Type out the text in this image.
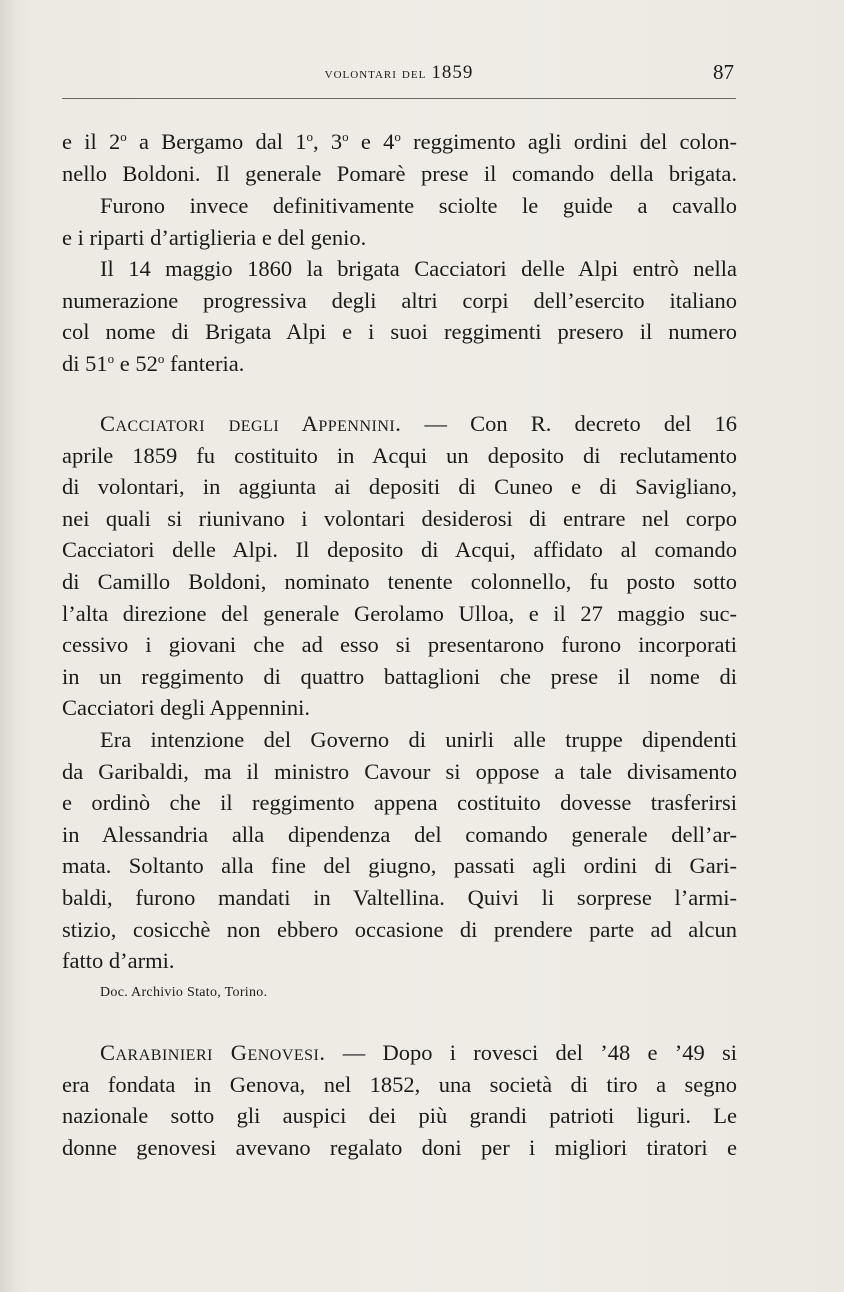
volontari del 1859	87
e il 2$^o$ a Bergamo dal 1$^o$, 3$^o$ e 4$^o$ reggimento agli ordini del colon-
nello Boldoni. Il generale Pomarè prese il comando della brigata.
Furono invece definitivamente sciolte le guide a cavallo
e i riparti d’artiglieria e del genio.
Il 14 maggio 1860 la brigata Cacciatori delle Alpi entrò nella
numerazione progressiva degli altri corpi dell’esercito italiano
col nome di Brigata Alpi e i suoi reggimenti presero il numero
di 51$^o$ e 52$^o$ fanteria.
Cacciatori degli Appennini. — Con R. decreto del 16
aprile 1859 fu costituito in Acqui un deposito di reclutamento
di volontari, in aggiunta ai depositi di Cuneo e di Savigliano,
nei quali si riunivano i volontari desiderosi di entrare nel corpo
Cacciatori delle Alpi. Il deposito di Acqui, affidato al comando
di Camillo Boldoni, nominato tenente colonnello, fu posto sotto
l’alta direzione del generale Gerolamo Ulloa, e il 27 maggio suc-
cessivo i giovani che ad esso si presentarono furono incorporati
in un reggimento di quattro battaglioni che prese il nome di
Cacciatori degli Appennini.
Era intenzione del Governo di unirli alle truppe dipendenti
da Garibaldi, ma il ministro Cavour si oppose a tale divisamento
e ordinò che il reggimento appena costituito dovesse trasferirsi
in Alessandria alla dipendenza del comando generale dell’ar-
mata. Soltanto alla fine del giugno, passati agli ordini di Gari-
baldi, furono mandati in Valtellina. Quivi li sorprese l’armi-
stizio, cosicchè non ebbero occasione di prendere parte ad alcun
fatto d’armi.
Doc. Archivio Stato, Torino.
Carabinieri Genovesi. — Dopo i rovesci del ’48 e ’49 si
era fondata in Genova, nel 1852, una società di tiro a segno
nazionale sotto gli auspici dei più grandi patrioti liguri. Le
donne genovesi avevano regalato doni per i migliori tiratori e
